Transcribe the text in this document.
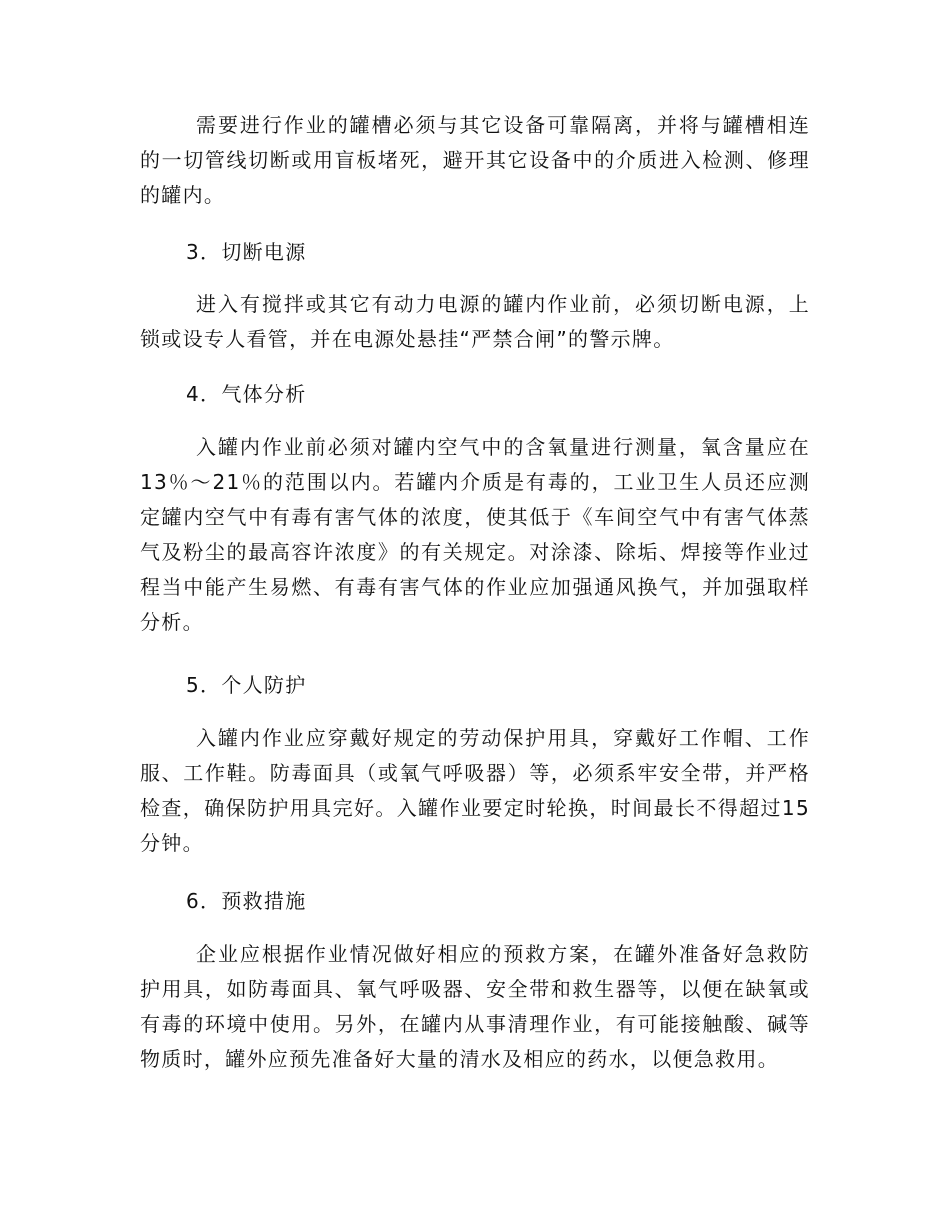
需要进行作业的罐槽必须与其它设备可靠隔离，并将与罐槽相连的一切管线切断或用盲板堵死，避开其它设备中的介质进入检测、修理的罐内。

3．切断电源

进入有搅拌或其它有动力电源的罐内作业前，必须切断电源，上锁或设专人看管，并在电源处悬挂“严禁合闸”的警示牌。

4．气体分析

入罐内作业前必须对罐内空气中的含氧量进行测量，氧含量应在13％～21％的范围以内。若罐内介质是有毒的，工业卫生人员还应测定罐内空气中有毒有害气体的浓度，使其低于《车间空气中有害气体蒸气及粉尘的最高容许浓度》的有关规定。对涂漆、除垢、焊接等作业过程当中能产生易燃、有毒有害气体的作业应加强通风换气，并加强取样分析。

5．个人防护

入罐内作业应穿戴好规定的劳动保护用具，穿戴好工作帽、工作服、工作鞋。防毒面具（或氧气呼吸器）等，必须系牢安全带，并严格检查，确保防护用具完好。入罐作业要定时轮换，时间最长不得超过15分钟。

6．预救措施

企业应根据作业情况做好相应的预救方案，在罐外准备好急救防护用具，如防毒面具、氧气呼吸器、安全带和救生器等，以便在缺氧或有毒的环境中使用。另外，在罐内从事清理作业，有可能接触酸、碱等物质时，罐外应预先准备好大量的清水及相应的药水，以便急救用。
